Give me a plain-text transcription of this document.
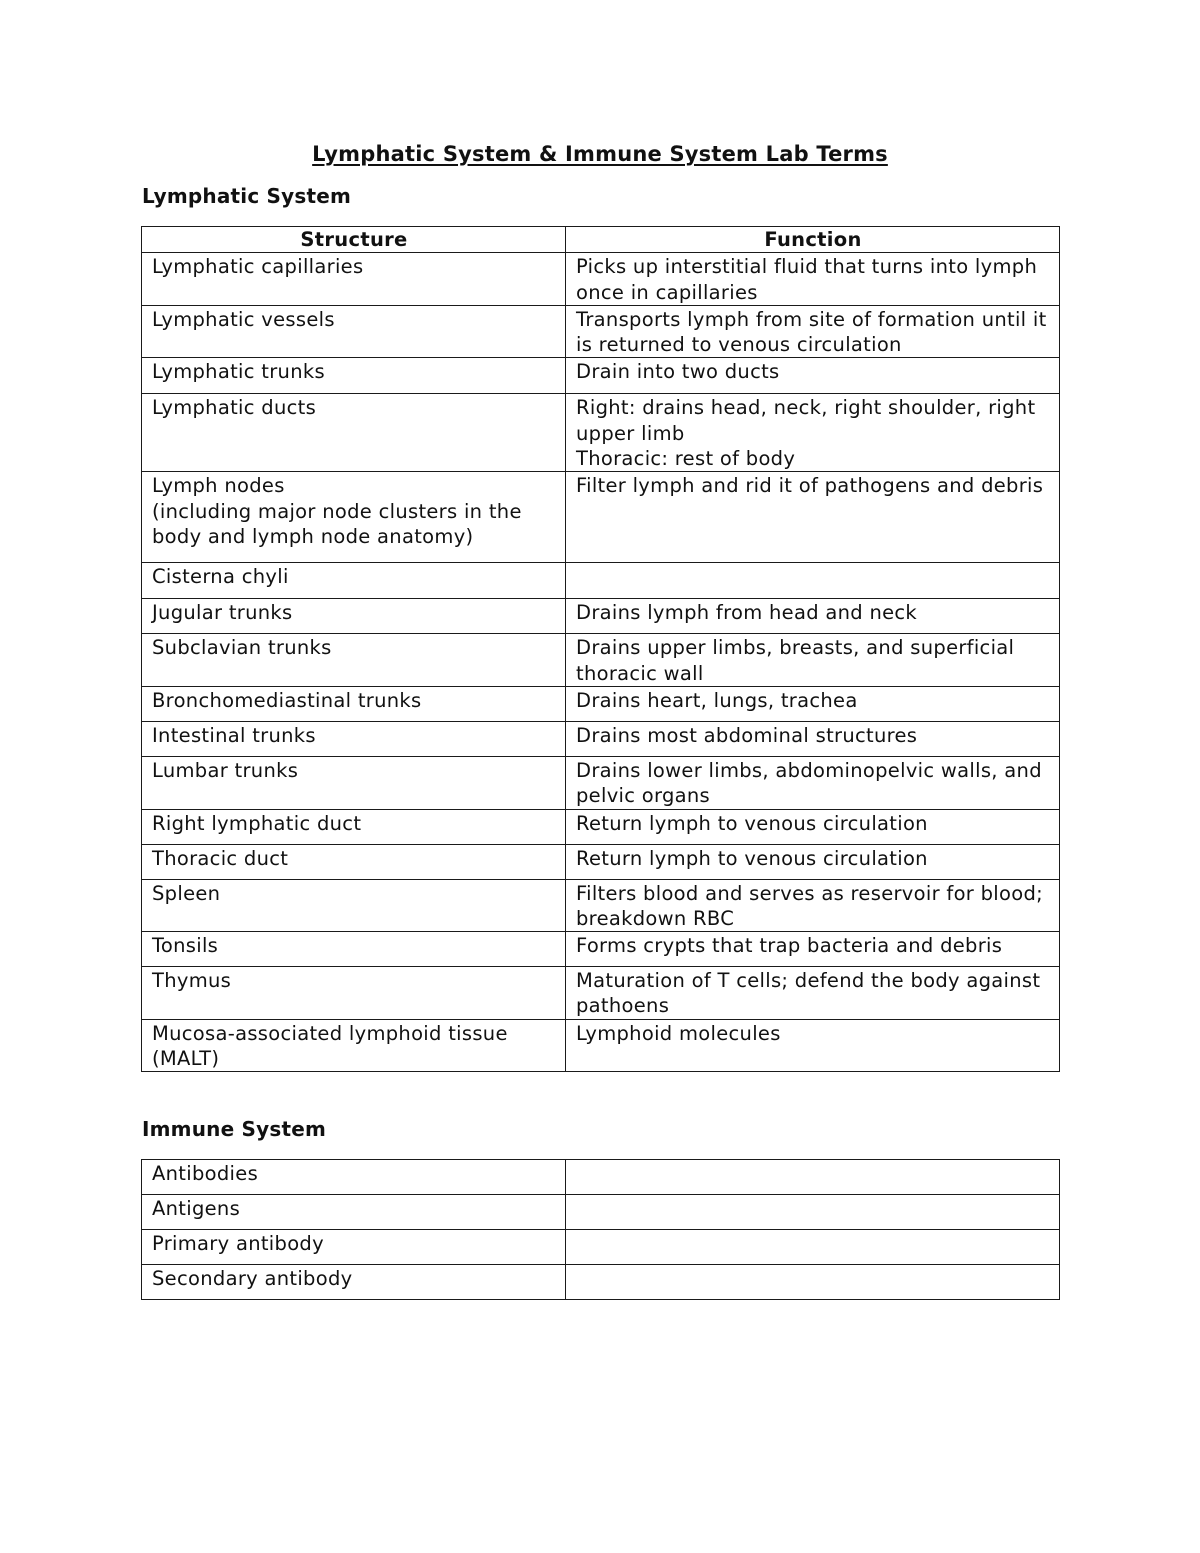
Lymphatic System & Immune System Lab Terms
Lymphatic System
Structure	Function

Lymphatic capillaries	Picks up interstitial fluid that turns into lymph once in capillaries

Lymphatic vessels	Transports lymph from site of formation until it is returned to venous circulation

Lymphatic trunks	Drain into two ducts

Lymphatic ducts	Right: drains head, neck, right shoulder, right upper limb
Thoracic: rest of body

Lymph nodes
(including major node clusters in the body and lymph node anatomy)	Filter lymph and rid it of pathogens and debris

Cisterna chyli	

Jugular trunks	Drains lymph from head and neck

Subclavian trunks	Drains upper limbs, breasts, and superficial thoracic wall

Bronchomediastinal trunks	Drains heart, lungs, trachea

Intestinal trunks	Drains most abdominal structures

Lumbar trunks	Drains lower limbs, abdominopelvic walls, and pelvic organs

Right lymphatic duct	Return lymph to venous circulation

Thoracic duct	Return lymph to venous circulation

Spleen	Filters blood and serves as reservoir for blood; breakdown RBC

Tonsils	Forms crypts that trap bacteria and debris

Thymus	Maturation of T cells; defend the body against pathoens

Mucosa-associated lymphoid tissue (MALT)	Lymphoid molecules
Immune System
Antibodies	
Antigens	
Primary antibody	
Secondary antibody	
